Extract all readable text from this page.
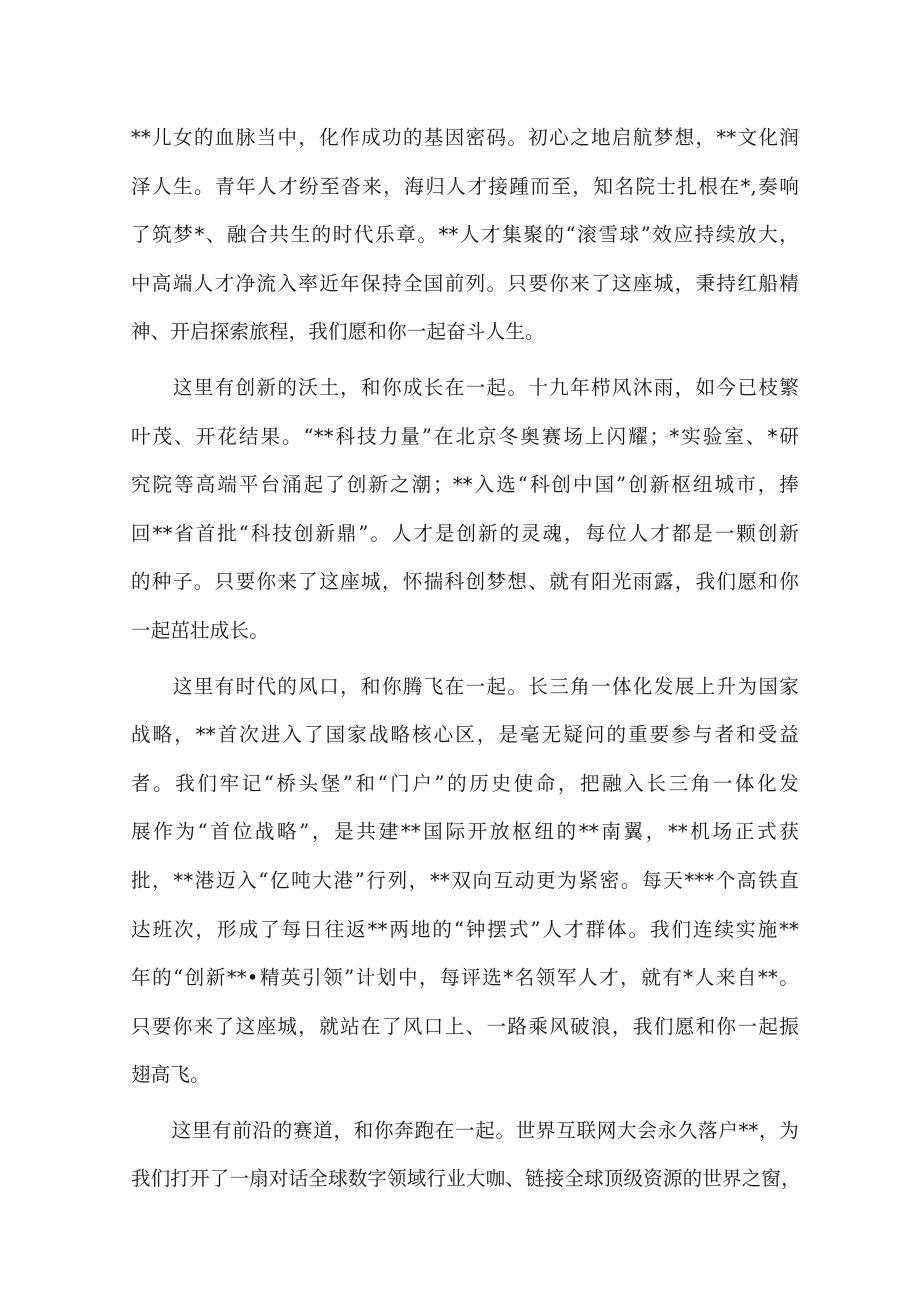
**儿女的血脉当中，化作成功的基因密码。初心之地启航梦想，**文化润
泽人生。青年人才纷至沓来，海归人才接踵而至，知名院士扎根在*,奏响
了筑梦*、融合共生的时代乐章。**人才集聚的“滚雪球”效应持续放大，
中高端人才净流入率近年保持全国前列。只要你来了这座城，秉持红船精
神、开启探索旅程，我们愿和你一起奋斗人生。
　　这里有创新的沃土，和你成长在一起。十九年栉风沐雨，如今已枝繁
叶茂、开花结果。“**科技力量”在北京冬奥赛场上闪耀；*实验室、*研
究院等高端平台涌起了创新之潮；**入选“科创中国”创新枢纽城市，捧
回**省首批“科技创新鼎”。人才是创新的灵魂，每位人才都是一颗创新
的种子。只要你来了这座城，怀揣科创梦想、就有阳光雨露，我们愿和你
一起茁壮成长。
　　这里有时代的风口，和你腾飞在一起。长三角一体化发展上升为国家
战略，**首次进入了国家战略核心区，是毫无疑问的重要参与者和受益
者。我们牢记“桥头堡”和“门户”的历史使命，把融入长三角一体化发
展作为“首位战略”，是共建**国际开放枢纽的**南翼，**机场正式获
批，**港迈入“亿吨大港”行列，**双向互动更为紧密。每天***个高铁直
达班次，形成了每日往返**两地的“钟摆式”人才群体。我们连续实施**
年的“创新**•精英引领”计划中，每评选*名领军人才，就有*人来自**。
只要你来了这座城，就站在了风口上、一路乘风破浪，我们愿和你一起振
翅高飞。
　　这里有前沿的赛道，和你奔跑在一起。世界互联网大会永久落户**，为
我们打开了一扇对话全球数字领域行业大咖、链接全球顶级资源的世界之窗，
